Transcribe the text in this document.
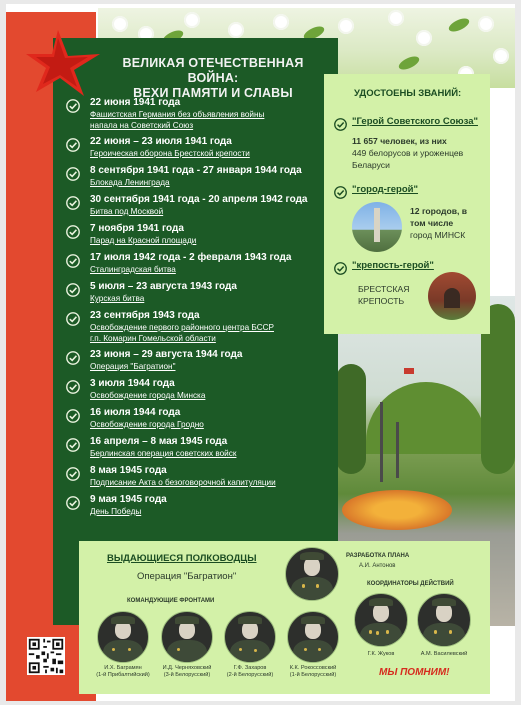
ВЕЛИКАЯ ОТЕЧЕСТВЕННАЯ ВОЙНА:
ВЕХИ ПАМЯТИ И СЛАВЫ
22 июня 1941 года
Фашистская Германия без объявления войны
напала на Советский Союз
22 июня – 23 июля 1941 года
Героическая оборона Брестской крепости
8 сентября 1941 года - 27 января 1944 года
Блокада Ленинграда
30 сентября 1941 года - 20 апреля 1942 года
Битва под Москвой
7 ноября 1941 года
Парад на Красной площади
17 июля 1942 года - 2 февраля 1943 года
Сталинградская битва
5 июля – 23 августа 1943 года
Курская битва
23 сентября 1943 года
Освобождение первого районного центра БССР
г.п. Комарин Гомельской области
23 июня – 29 августа 1944 года
Операция "Багратион"
3 июля 1944 года
Освобождение города Минска
16 июля 1944 года
Освобождение города Гродно
16 апреля – 8 мая 1945 года
Берлинская операция советских войск
8 мая 1945 года
Подписание Акта о безоговорочной капитуляции
9 мая 1945 года
День Победы
УДОСТОЕНЫ ЗВАНИЙ:
"Герой Советского Союза"
11 657 человек, из них
449 белорусов и уроженцев
Беларуси
"город-герой"
12 городов, в
том числе
город МИНСК
"крепость-герой"
БРЕСТСКАЯ
КРЕПОСТЬ
ВЫДАЮЩИЕСЯ ПОЛКОВОДЦЫ
Операция "Багратион"
КОМАНДУЮЩИЕ ФРОНТАМИ
РАЗРАБОТКА ПЛАНА
А.И. Антонов
КООРДИНАТОРЫ ДЕЙСТВИЙ
И.Х. Баграмян
(1-й Прибалтийский)
И.Д. Черняховский
(3-й Белорусский)
Г.Ф. Захаров
(2-й Белорусский)
К.К. Рокоссовский
(1-й Белорусский)
Г.К. Жуков	А.М. Василевский
МЫ ПОМНИМ!
